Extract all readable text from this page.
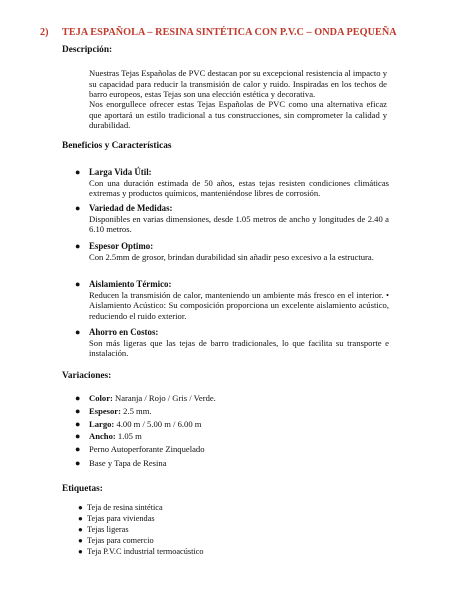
2) TEJA ESPAÑOLA – RESINA SINTÉTICA CON P.V.C – ONDA PEQUEÑA
Descripción:
Nuestras Tejas Españolas de PVC destacan por su excepcional resistencia al impacto y su capacidad para reducir la transmisión de calor y ruido. Inspiradas en los techos de barro europeos, estas Tejas son una elección estética y decorativa.
Nos enorgullece ofrecer estas Tejas Españolas de PVC como una alternativa eficaz que aportará un estilo tradicional a tus construcciones, sin comprometer la calidad y durabilidad.
Beneficios y Características
● Larga Vida Útil:
Con una duración estimada de 50 años, estas tejas resisten condiciones climáticas extremas y productos químicos, manteniéndose libres de corrosión.
● Variedad de Medidas:
Disponibles en varias dimensiones, desde 1.05 metros de ancho y longitudes de 2.40 a 6.10 metros.
● Espesor Optimo:
Con 2.5mm de grosor, brindan durabilidad sin añadir peso excesivo a la estructura.
● Aislamiento Térmico:
Reducen la transmisión de calor, manteniendo un ambiente más fresco en el interior. • Aislamiento Acústico: Su composición proporciona un excelente aislamiento acústico, reduciendo el ruido exterior.
● Ahorro en Costos:
Son más ligeras que las tejas de barro tradicionales, lo que facilita su transporte e instalación.
Variaciones:
● Color: Naranja / Rojo / Gris / Verde.
● Espesor: 2.5 mm.
● Largo: 4.00 m / 5.00 m / 6.00 m
● Ancho: 1.05 m
● Perno Autoperforante Zinquelado
● Base y Tapa de Resina
Etiquetas:
● Teja de resina sintética
● Tejas para viviendas
● Tejas ligeras
● Tejas para comercio
● Teja P.V.C industrial termoacústico
